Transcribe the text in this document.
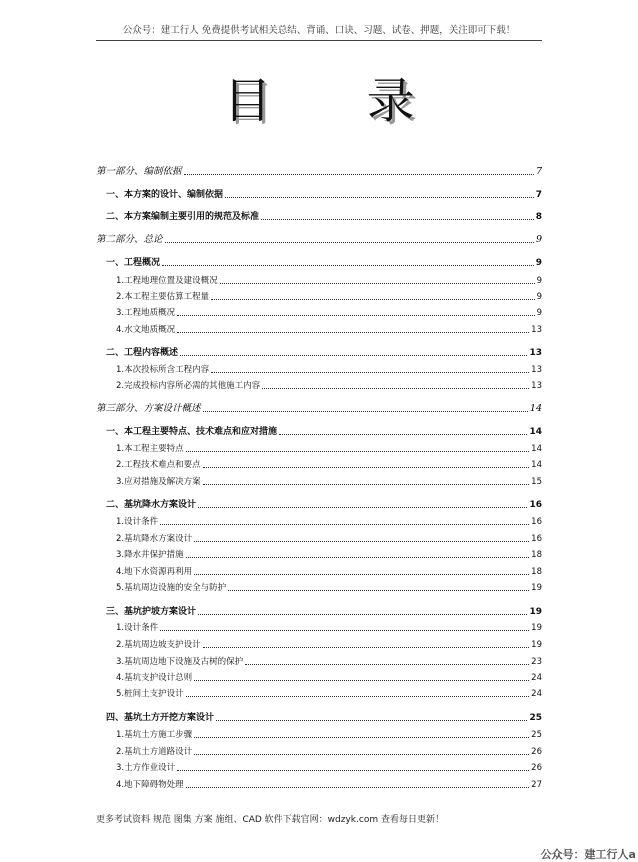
公众号：建工行人 免费提供考试相关总结、背诵、口诀、习题、试卷、押题，关注即可下载！
目 录
第一部分、编制依据	7
一、本方案的设计、编制依据	7
二、本方案编制主要引用的规范及标准	8
第二部分、总论	9
一、工程概况	9
1.工程地理位置及建设概况	9
2.本工程主要估算工程量	9
3.工程地质概况	9
4.水文地质概况	13
二、工程内容概述	13
1.本次投标所含工程内容	13
2.完成投标内容所必需的其他施工内容	13
第三部分、方案设计概述	14
一、本工程主要特点、技术难点和应对措施	14
1.本工程主要特点	14
2.工程技术难点和要点	14
3.应对措施及解决方案	15
二、基坑降水方案设计	16
1.设计条件	16
2.基坑降水方案设计	16
3.降水井保护措施	18
4.地下水资源再利用	18
5.基坑周边设施的安全与防护	19
三、基坑护坡方案设计	19
1.设计条件	19
2.基坑周边坡支护设计	19
3.基坑周边地下设施及古树的保护	23
4.基坑支护设计总则	24
5.桩间土支护设计	24
四、基坑土方开挖方案设计	25
1.基坑土方施工步骤	25
2.基坑土方道路设计	26
3.土方作业设计	26
4.地下障碍物处理	27
更多考试资料 规范 图集 方案 施组、CAD 软件下载官网：wdzyk.com 查看每日更新！
公众号：建工行人a
